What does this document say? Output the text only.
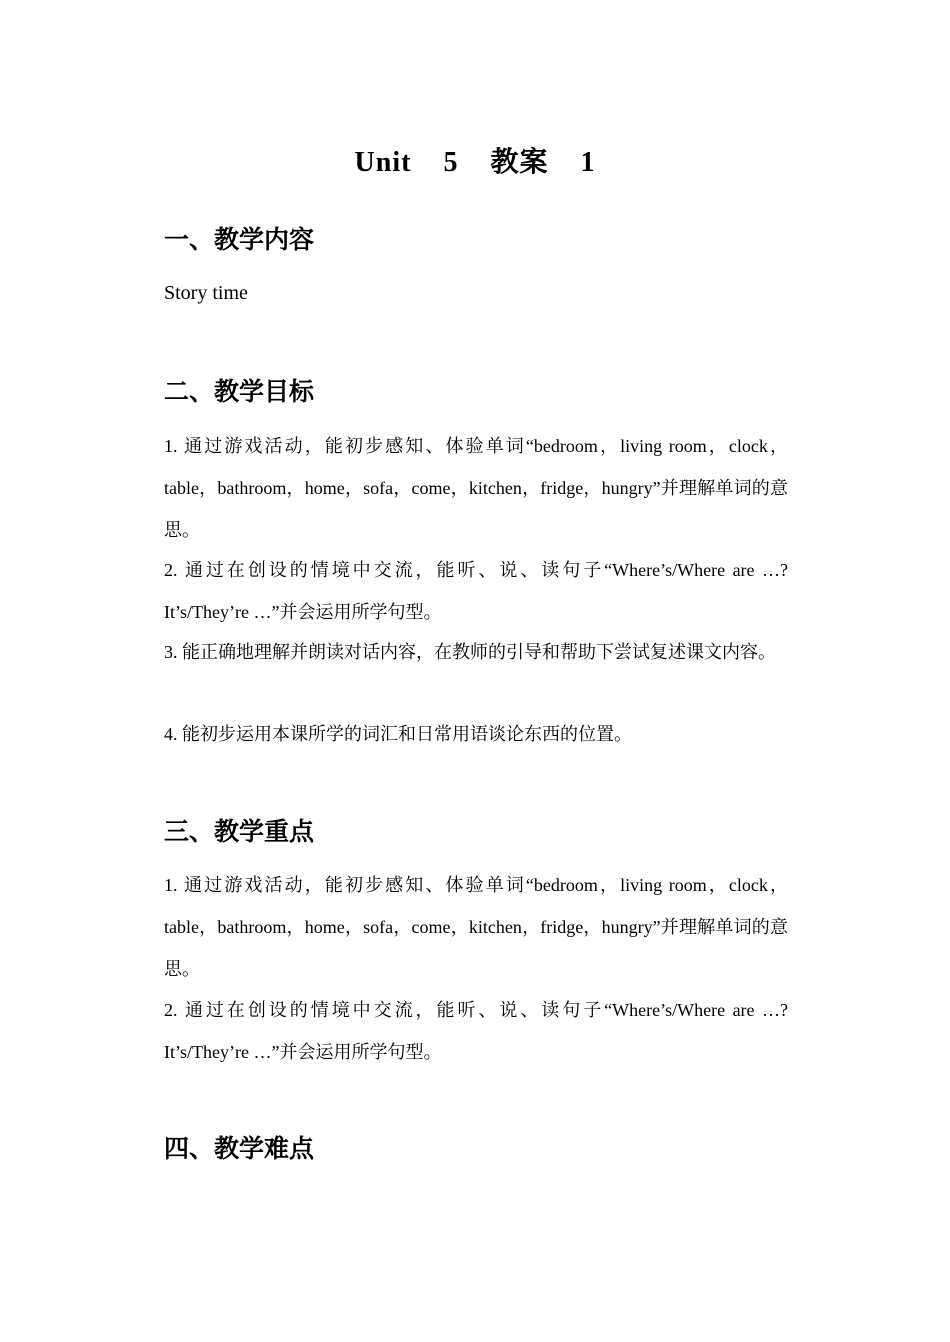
Unit  5  教案  1
一、教学内容
Story time
二、教学目标
1. 通过游戏活动，能初步感知、体验单词“bedroom，living room，clock，table，bathroom，home，sofa，come，kitchen，fridge，hungry”并理解单词的意思。
2. 通过在创设的情境中交流，能听、说、读句子“Where’s/Where are …? It’s/They’re …”并会运用所学句型。
3. 能正确地理解并朗读对话内容，在教师的引导和帮助下尝试复述课文内容。
4. 能初步运用本课所学的词汇和日常用语谈论东西的位置。
三、教学重点
1. 通过游戏活动，能初步感知、体验单词“bedroom，living room，clock，table，bathroom，home，sofa，come，kitchen，fridge，hungry”并理解单词的意思。
2. 通过在创设的情境中交流，能听、说、读句子“Where’s/Where are …? It’s/They’re …”并会运用所学句型。
四、教学难点
